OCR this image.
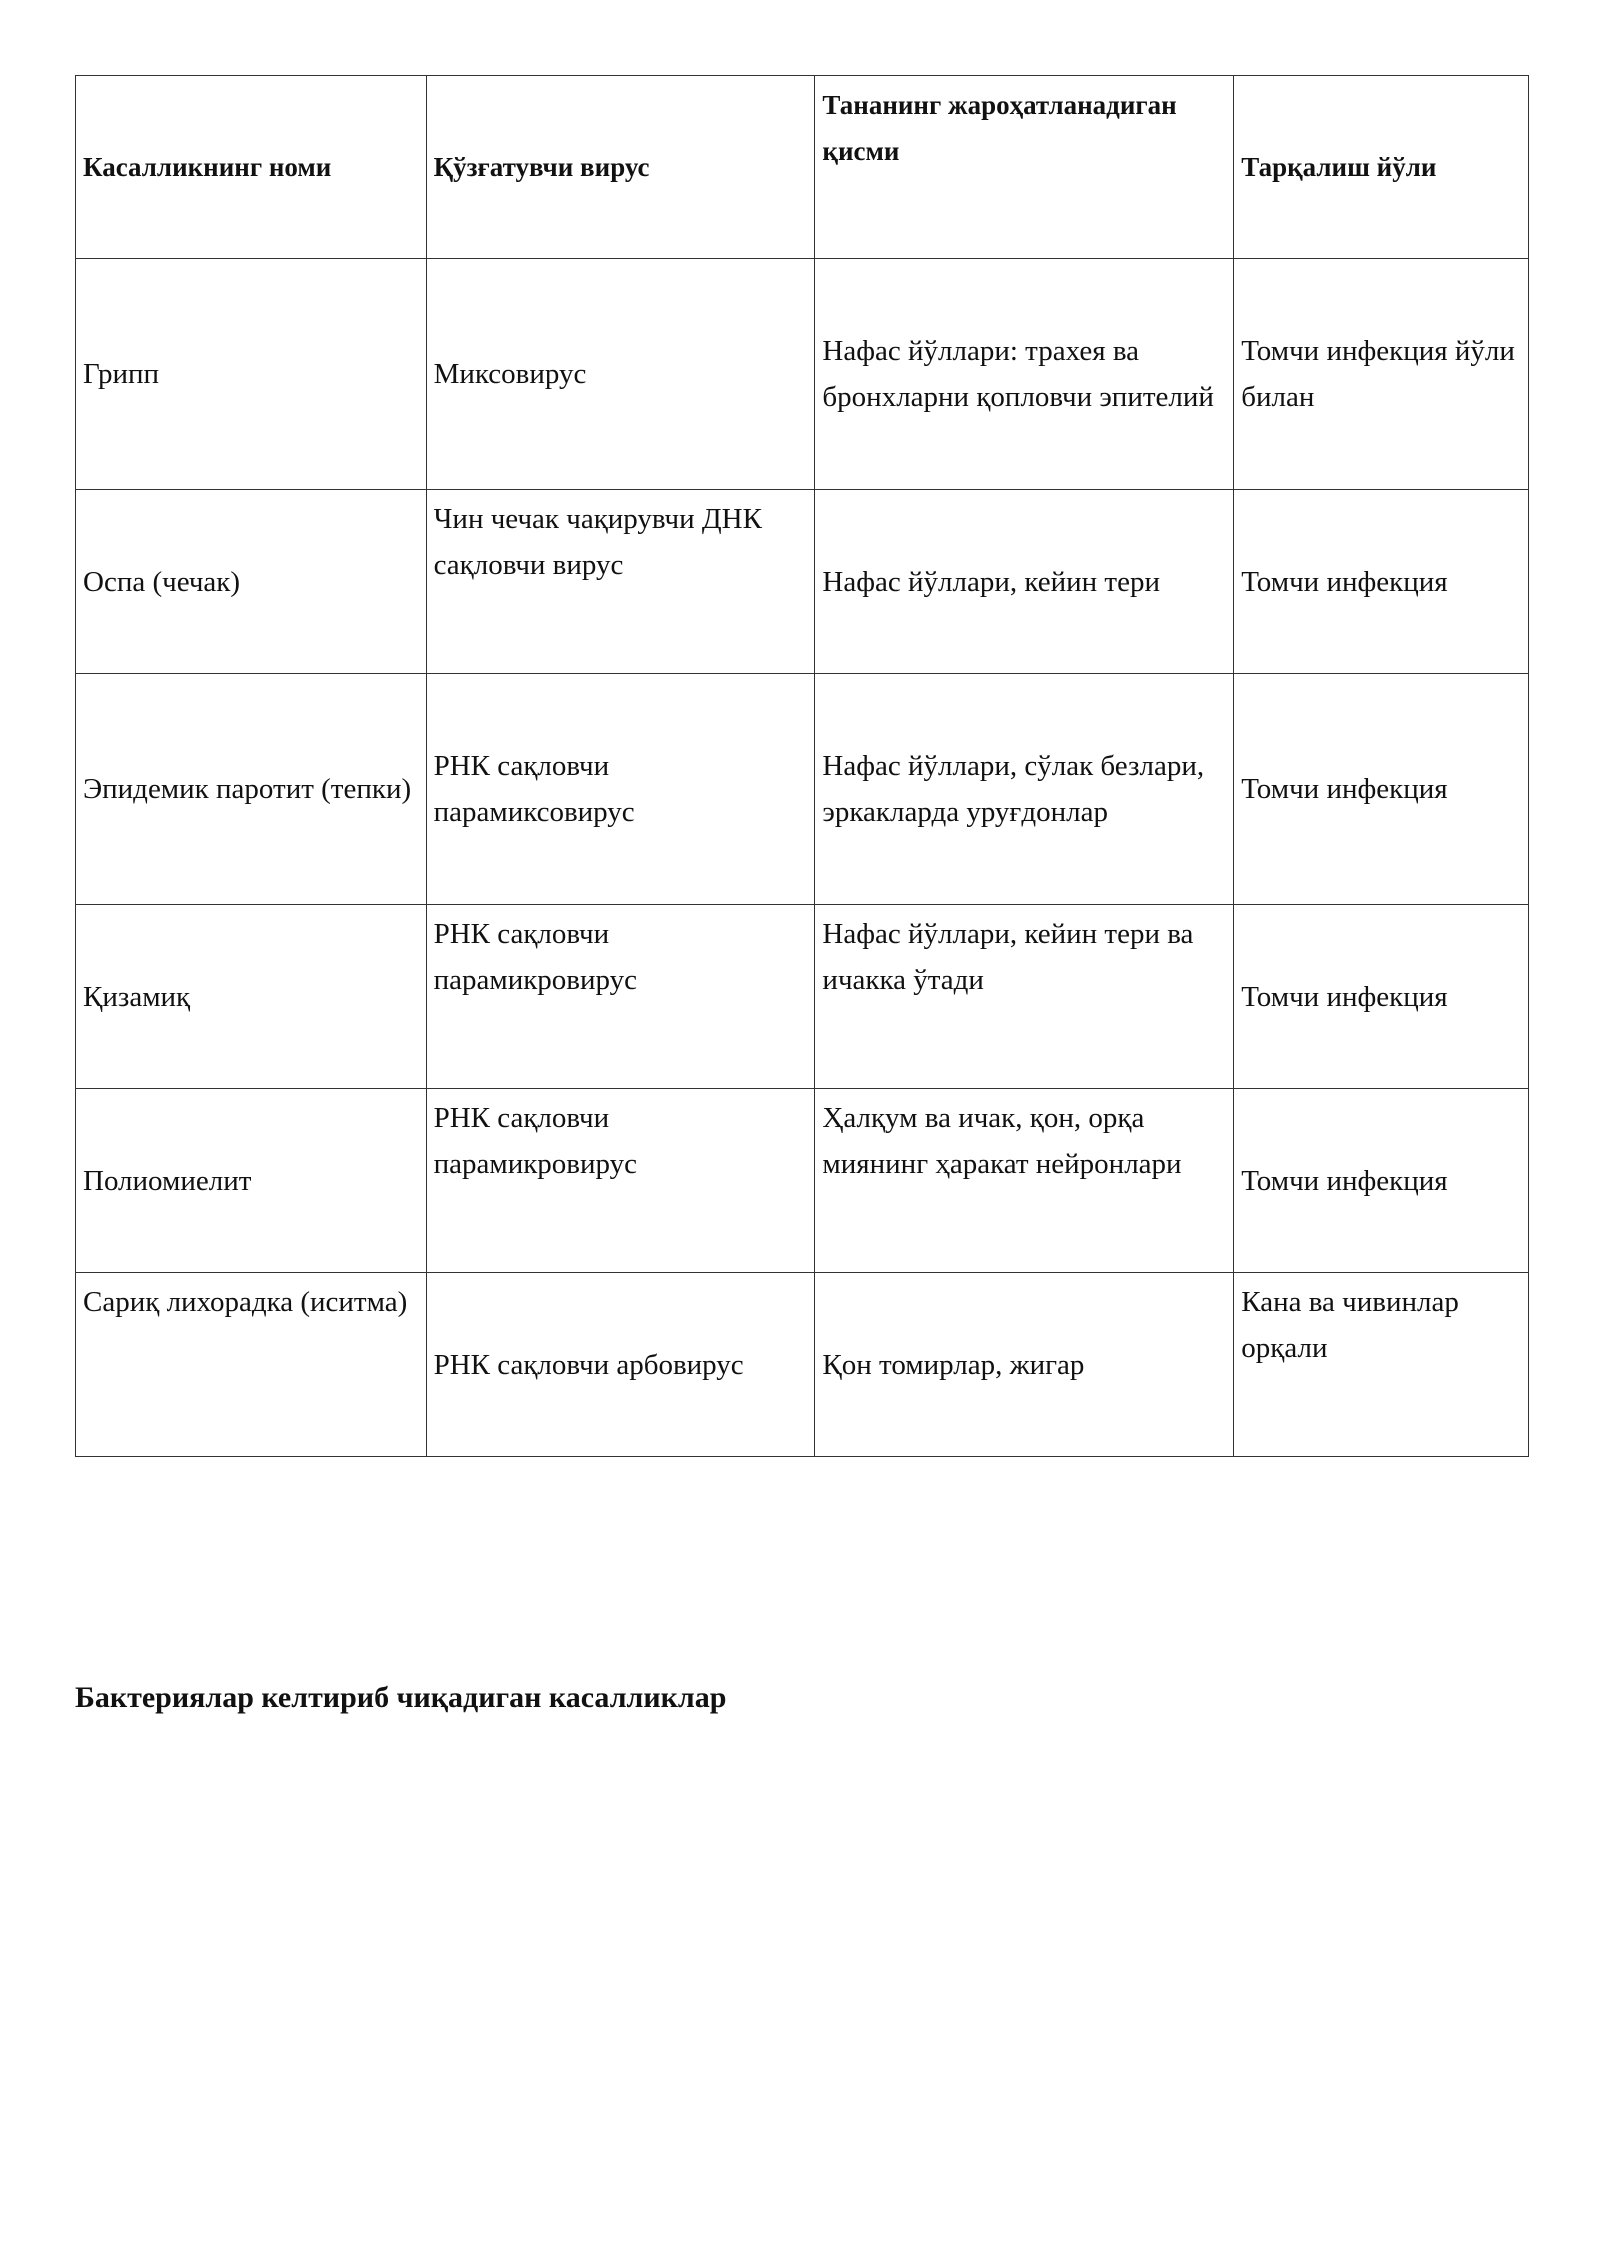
Касалликнинг номи	Қўзғатувчи вирус	Тананинг жароҳатланадиган қисми	Тарқалиш йўли
Грипп	Миксовирус	Нафас йўллари: трахея ва бронхларни қопловчи эпителий	Томчи инфекция йўли билан
Оспа (чечак)	Чин чечак чақирувчи ДНК сақловчи вирус	Нафас йўллари, кейин тери	Томчи инфекция
Эпидемик паротит (тепки)	РНК сақловчи парамиксовирус	Нафас йўллари, сўлак безлари, эркакларда уруғдонлар	Томчи инфекция
Қизамиқ	РНК сақловчи парамикровирус	Нафас йўллари, кейин тери ва ичакка ўтади	Томчи инфекция
Полиомиелит	РНК сақловчи парамикровирус	Ҳалқум ва ичак, қон, орқа миянинг ҳаракат нейронлари	Томчи инфекция
Сариқ лихорадка (иситма)	РНК сақловчи арбовирус	Қон томирлар, жигар	Кана ва чивинлар орқали
Бактериялар келтириб чиқадиган касалликлар
